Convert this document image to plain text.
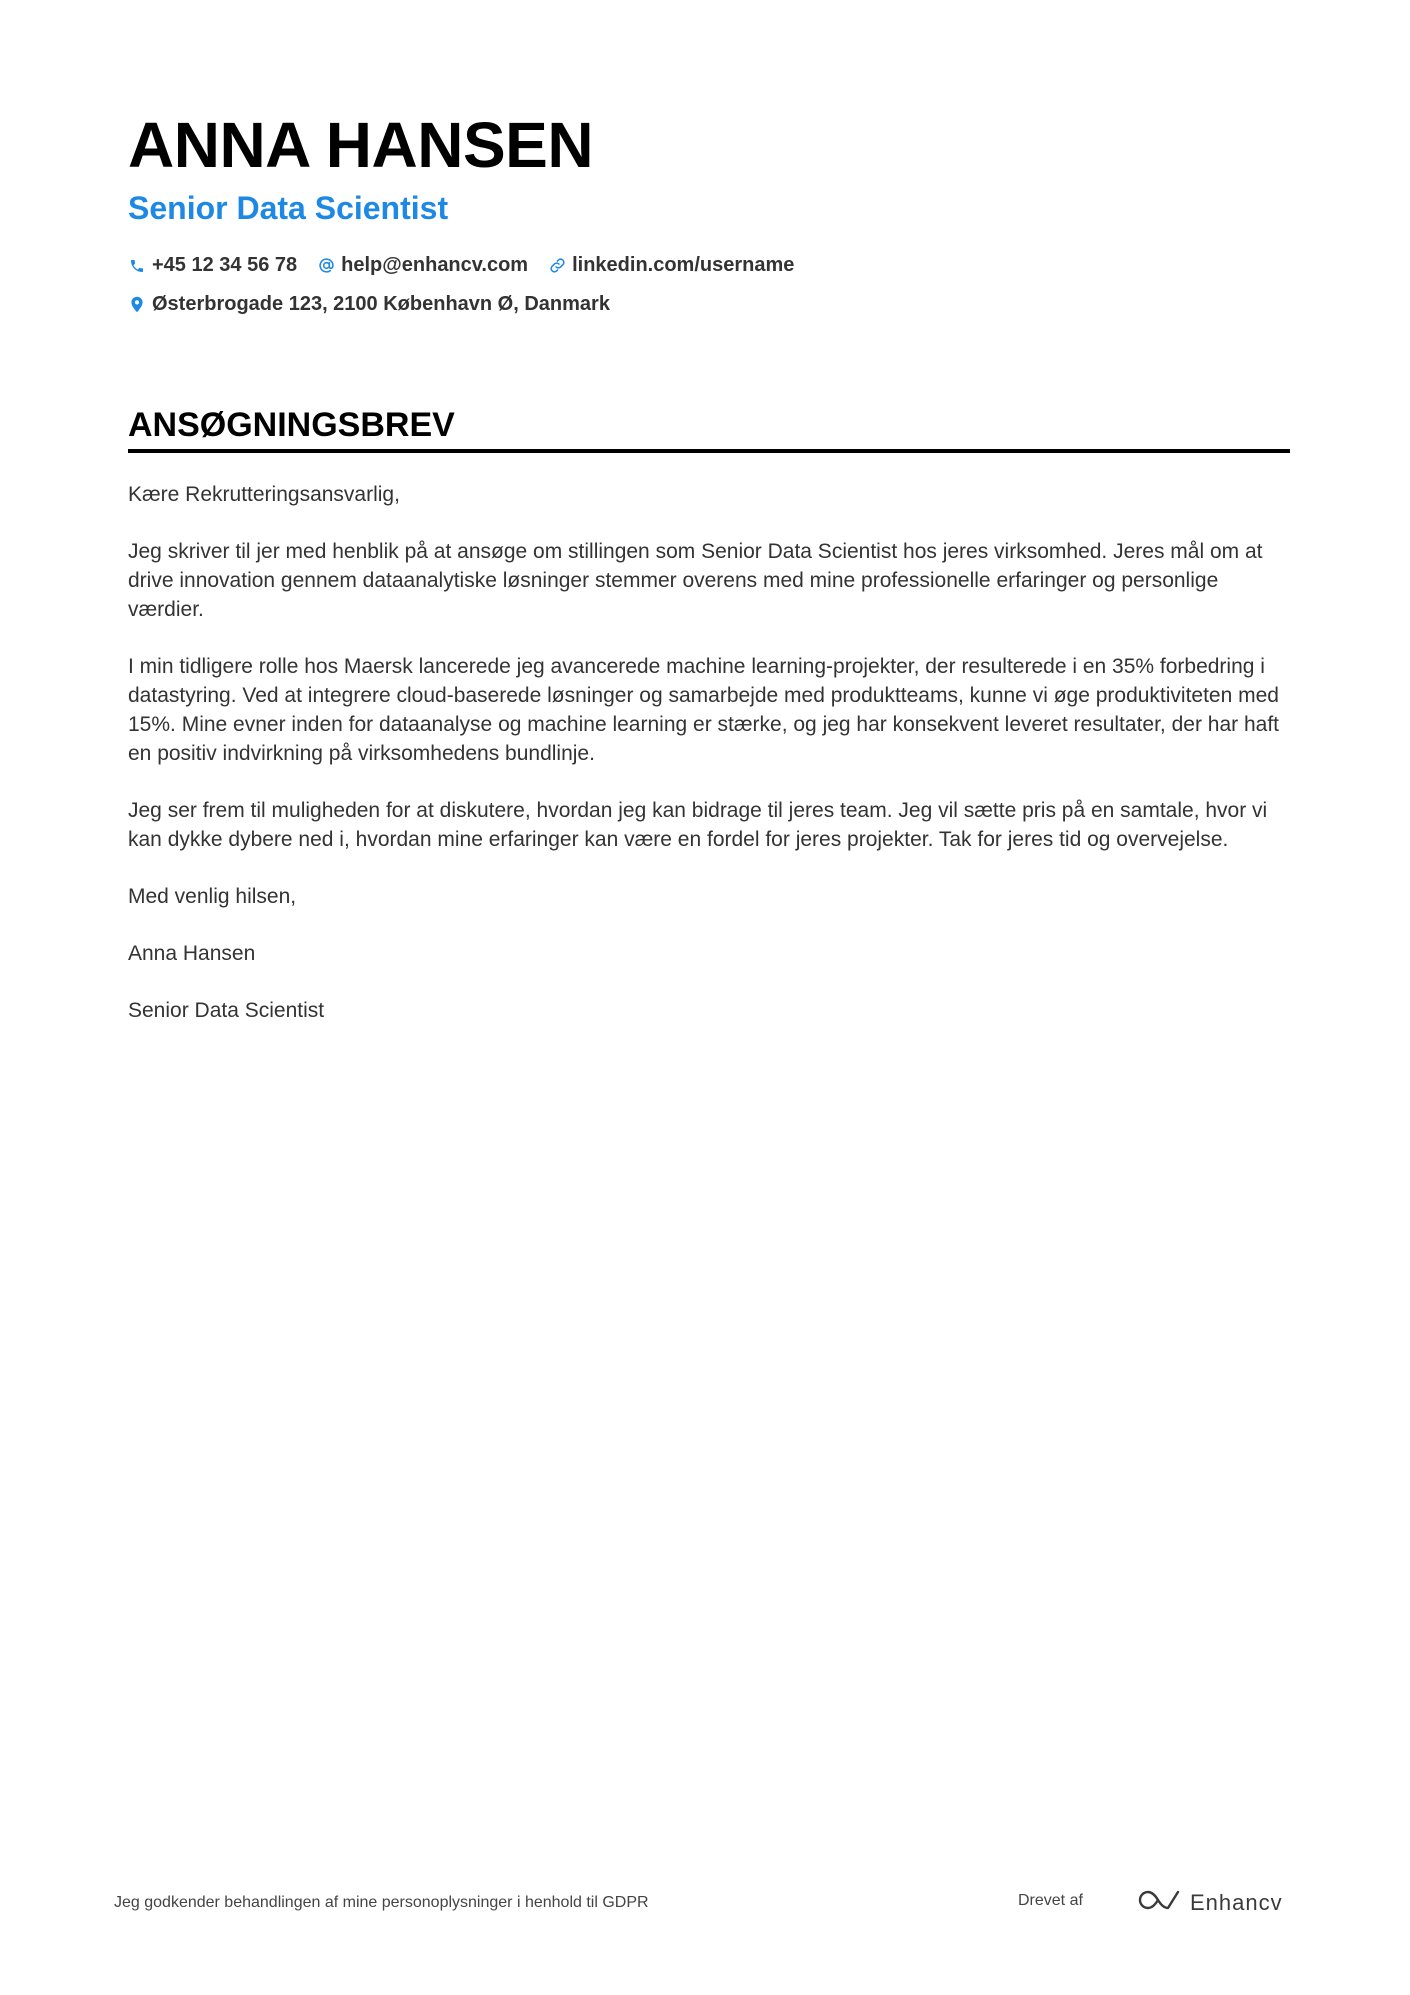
ANNA HANSEN
Senior Data Scientist
+45 12 34 56 78 help@enhancv.com linkedin.com/username
Østerbrogade 123, 2100 København Ø, Danmark
ANSØGNINGSBREV

Kære Rekrutteringsansvarlig,

Jeg skriver til jer med henblik på at ansøge om stillingen som Senior Data Scientist hos jeres virksomhed. Jeres mål om at drive innovation gennem dataanalytiske løsninger stemmer overens med mine professionelle erfaringer og personlige værdier.

I min tidligere rolle hos Maersk lancerede jeg avancerede machine learning-projekter, der resulterede i en 35% forbedring i datastyring. Ved at integrere cloud-baserede løsninger og samarbejde med produktteams, kunne vi øge produktiviteten med 15%. Mine evner inden for dataanalyse og machine learning er stærke, og jeg har konsekvent leveret resultater, der har haft en positiv indvirkning på virksomhedens bundlinje.

Jeg ser frem til muligheden for at diskutere, hvordan jeg kan bidrage til jeres team. Jeg vil sætte pris på en samtale, hvor vi kan dykke dybere ned i, hvordan mine erfaringer kan være en fordel for jeres projekter. Tak for jeres tid og overvejelse.

Med venlig hilsen,

Anna Hansen

Senior Data Scientist

Jeg godkender behandlingen af mine personoplysninger i henhold til GDPR	Drevet af	Enhancv
